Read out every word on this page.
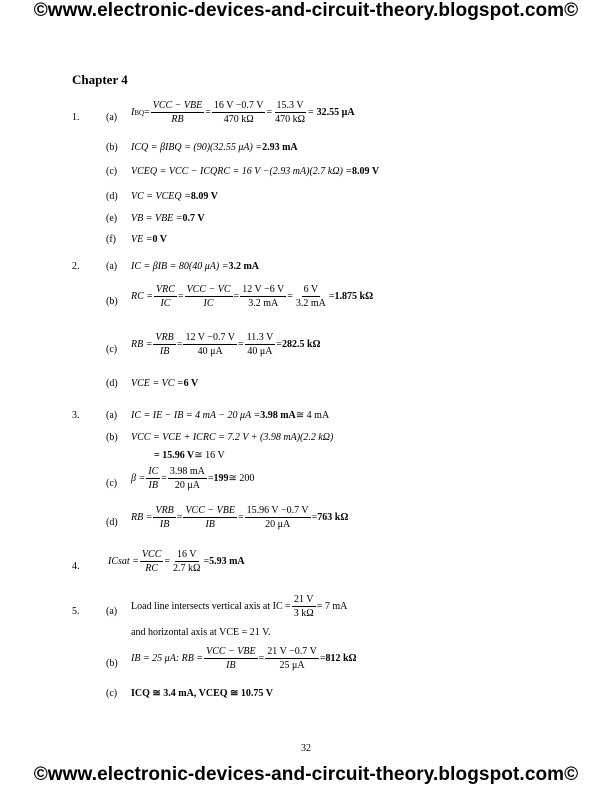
©www.electronic-devices-and-circuit-theory.blogspot.com©
Chapter 4
1.	(a) I BQ = $\frac{\text{VCC − VBE}}{RB} = \frac{16 V -0.7 V}{470 k\Omega} = \frac{15.3 V}{470 k\Omega} = 32.55$ μA
(b) ICQ = βIBQ = (90)(32.55 μA) = 2.93 mA
(c) VCEQ = VCC − ICQRC = 16 V −(2.93 mA)(2.7 kΩ) = 8.09 V
(d) VC = VCEQ = 8.09 V
(e) VB = VBE = 0.7 V
(f) VE = 0 V
2.	(a) IC = βIB = 80(40 μA) = 3.2 mA
(b) RC = $\frac{\text{VRC}}{IC} = \frac{\text{VCC − VC}}{IC} = \frac{12 V -6 V}{3.2 mA} = \frac{6 V}{3.2 mA} = 1.875$ kΩ
(c) RB = $\frac{\text{VRB}}{IB} = \frac{12 V -0.7 V}{40 \mu A} = \frac{11.3 V}{40 \mu A} = 282.5$ kΩ
(d) VCE = VC = 6 V
3.	(a) IC = IE − IB = 4 mA − 20 μA = 3.98 mA ≅ 4 mA
(b) VCC = VCE + ICRC = 7.2 V + (3.98 mA)(2.2 kΩ)
= 15.96 V ≅ 16 V
(c) $\beta = \frac{IC}{IB} = \frac{3.98 mA}{20 \mu A} = 199$ ≅ 200
(d) RB = $\frac{\text{VRB}}{IB} = \frac{\text{VCC − VBE}}{IB} = \frac{15.96 V -0.7 V}{20 \mu A} = 763$ kΩ
4.	ICsat = $\frac{\text{VCC}}{RC} = \frac{16 V}{2.7 k\Omega} = 5.93$ mA
5.	(a) Load line intersects vertical axis at IC = $\frac{21 V}{3 k\Omega} = 7$ mA
and horizontal axis at VCE = 21 V.
(b) IB = 25 μA: RB = $\frac{\text{VCC − VBE}}{IB} = \frac{21 V -0.7 V}{25 \mu A} = 812$ kΩ
(c) ICQ ≅ 3.4 mA, VCEQ ≅ 10.75 V
32
©www.electronic-devices-and-circuit-theory.blogspot.com©
